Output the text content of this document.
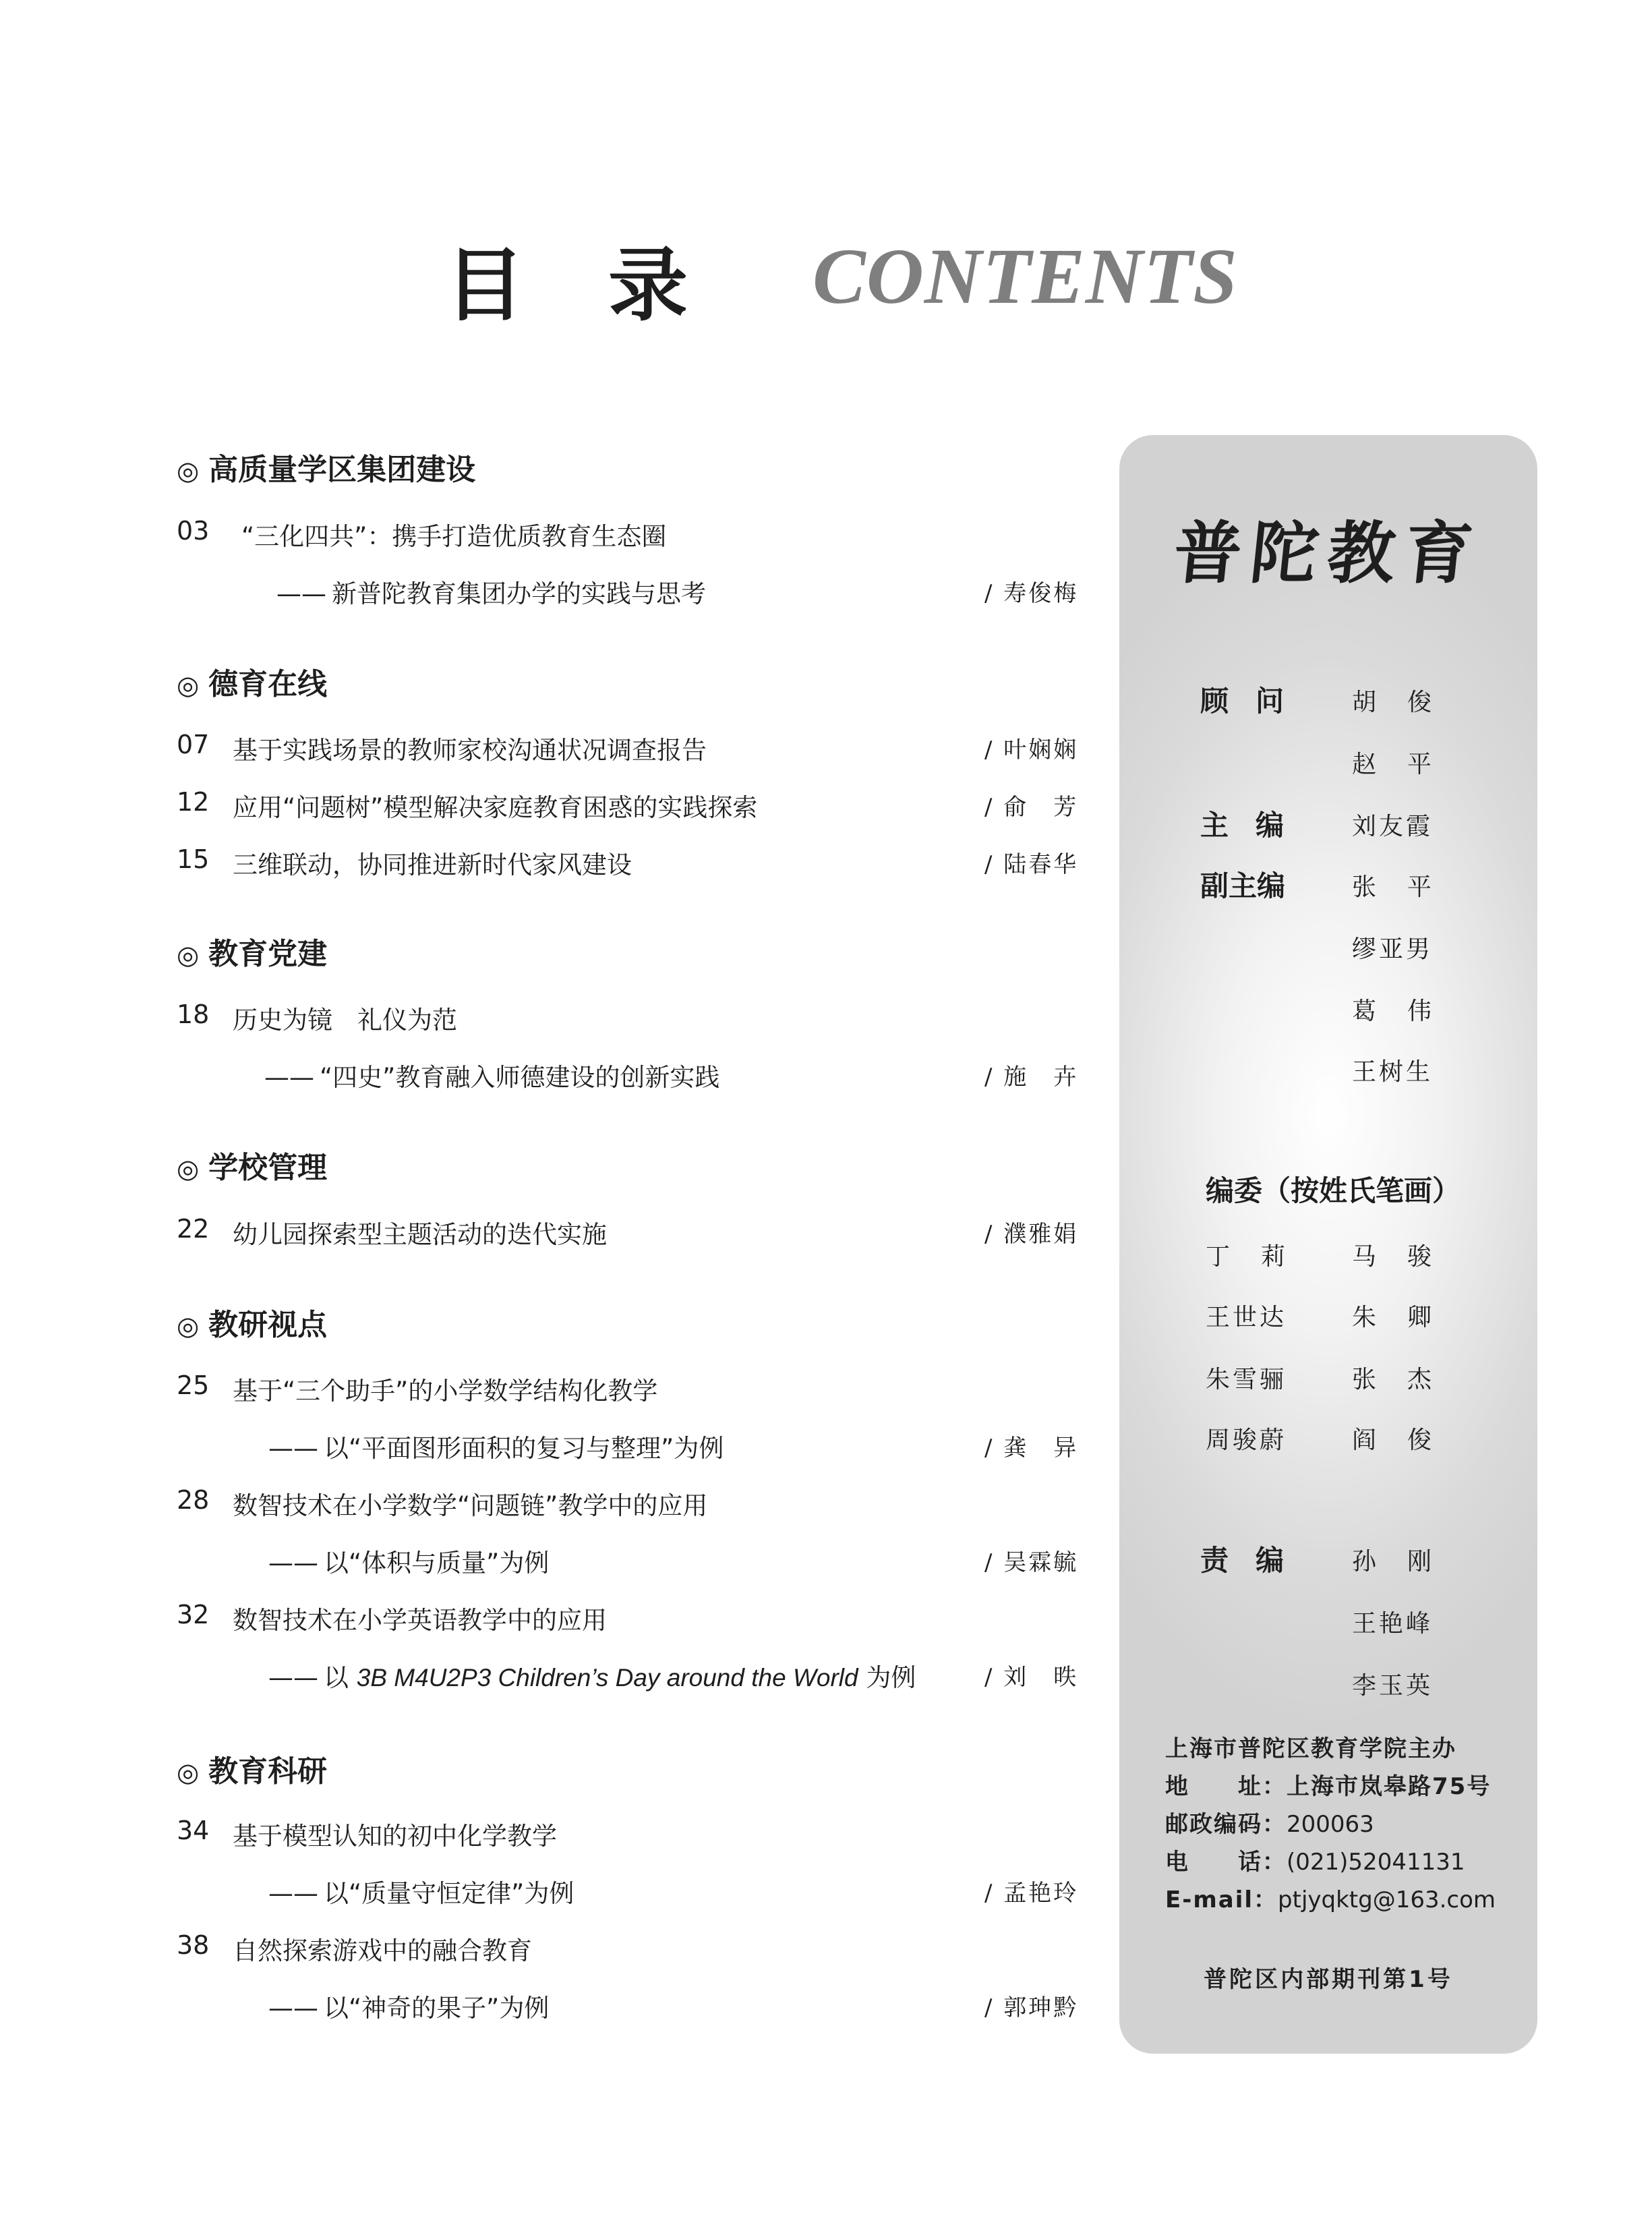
目 录 CONTENTS
◎ 高质量学区集团建设
03 “三化四共”：携手打造优质教育生态圈
—— 新普陀教育集团办学的实践与思考	/ 寿俊梅
◎ 德育在线
07 基于实践场景的教师家校沟通状况调查报告	/ 叶娴娴
12 应用“问题树”模型解决家庭教育困惑的实践探索	/ 俞　芳
15 三维联动，协同推进新时代家风建设	/ 陆春华
◎ 教育党建
18 历史为镜　礼仪为范
—— “四史”教育融入师德建设的创新实践	/ 施　卉
◎ 学校管理
22 幼儿园探索型主题活动的迭代实施	/ 濮雅娟
◎ 教研视点
25 基于“三个助手”的小学数学结构化教学
—— 以“平面图形面积的复习与整理”为例	/ 龚　异
28 数智技术在小学数学“问题链”教学中的应用
—— 以“体积与质量”为例	/ 吴霖毓
32 数智技术在小学英语教学中的应用
—— 以 3B M4U2P3 Children’s Day around the World 为例	/ 刘　昳
◎ 教育科研
34 基于模型认知的初中化学教学
—— 以“质量守恒定律”为例	/ 孟艳玲
38 自然探索游戏中的融合教育
—— 以“神奇的果子”为例	/ 郭珅黔
普陀教育
顾问 胡俊
赵平
主编 刘友霞
副主编	张平
缪亚男
葛伟
王树生
编委（按姓氏笔画）
丁莉 马骏
王世达	朱卿
朱雪骊	张杰
周骏蔚	阎俊
责编 孙刚
王艳峰
李玉英
上海市普陀区教育学院主办
地　　址：上海市岚皋路75号
邮政编码：200063
电　　话：(021)52041131
E-mail：ptjyqktg@163.com
普陀区内部期刊第1号
